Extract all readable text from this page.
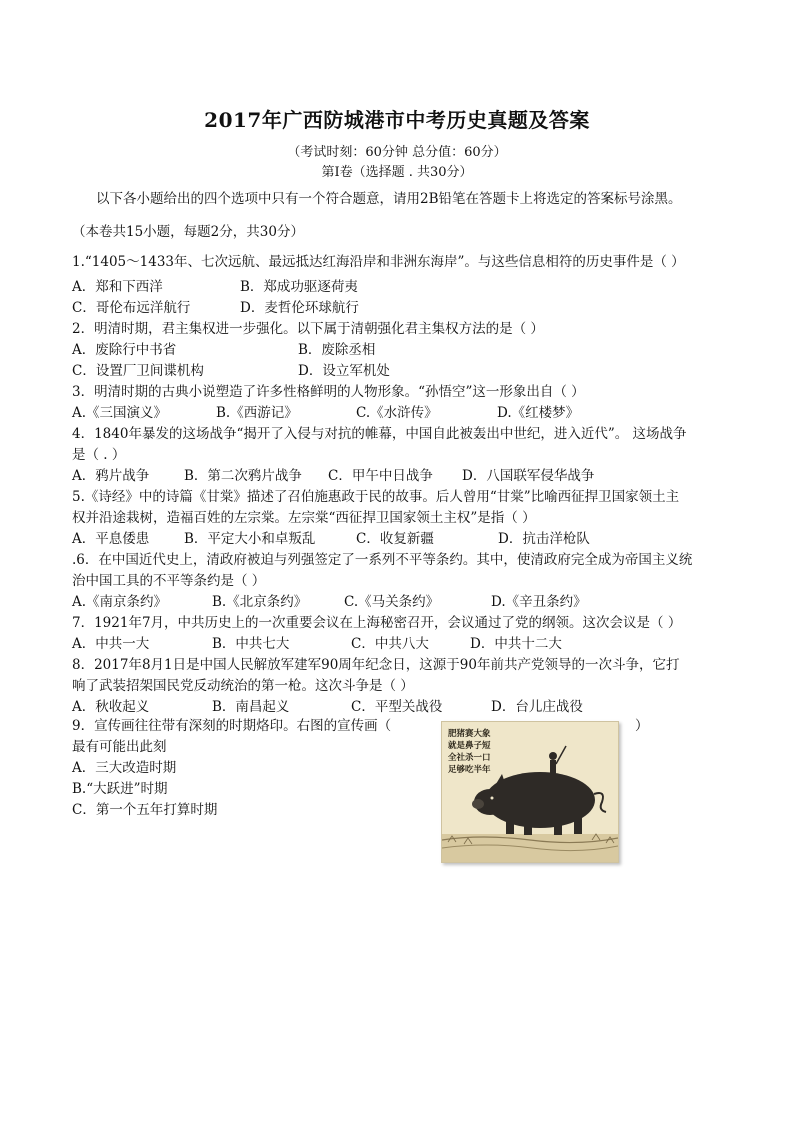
2017年广西防城港市中考历史真题及答案
（考试时刻：60分钟 总分值：60分）
第Ⅰ卷（选择题 . 共30分）
以下各小题给出的四个选项中只有一个符合题意，请用2B铅笔在答题卡上将选定的答案标号涂黑。
（本卷共15小题，每题2分，共30分）
1.“1405～1433年、七次远航、最远抵达红海沿岸和非洲东海岸”。与这些信息相符的历史事件是（ ）
A．郑和下西洋	B．郑成功驱逐荷夷
C．哥伦布远洋航行	D．麦哲伦环球航行
2．明清时期，君主集权进一步强化。以下属于清朝强化君主集权方法的是（ ）
A．废除行中书省	B．废除丞相
C．设置厂卫间谍机构	D．设立军机处
3．明清时期的古典小说塑造了许多性格鲜明的人物形象。“孙悟空”这一形象出自（ ）
A.《三国演义》	B.《西游记》	C.《水浒传》	D.《红楼梦》
4．1840年暴发的这场战争“揭开了入侵与对抗的帷幕，中国自此被轰出中世纪，进入近代”。 这场战争
是（ . ）
A．鸦片战争	B．第二次鸦片战争 C．甲午中日战争 D．八国联军侵华战争
5.《诗经》中的诗篇《甘棠》描述了召伯施惠政于民的故事。后人曾用“甘棠”比喻西征捍卫国家领土主
权并沿途栽树，造福百姓的左宗棠。左宗棠“西征捍卫国家领土主权”是指（ ）
A．平息倭患	B．平定大小和卓叛乱	C．收复新疆	D．抗击洋枪队
.6．在中国近代史上，清政府被迫与列强签定了一系列不平等条约。其中，使清政府完全成为帝国主义统
治中国工具的不平等条约是（ ）
A.《南京条约》	B.《北京条约》	C.《马关条约》	D.《辛丑条约》
7．1921年7月，中共历史上的一次重要会议在上海秘密召开，会议通过了党的纲领。这次会议是（ ）
A．中共一大	B．中共七大	C．中共八大	D．中共十二大
8．2017年8月1日是中国人民解放军建军90周年纪念日，这源于90年前共产党领导的一次斗争，它打
响了武装招架国民党反动统治的第一枪。这次斗争是（ ）
A．秋收起义	B．南昌起义	C．平型关战役	D．台儿庄战役
9．宣传画往往带有深刻的时期烙印。右图的宣传画（	）
最有可能出此刻
A．三大改造时期
B.“大跃进”时期
C．第一个五年打算时期
肥猪赛大象
就是鼻子短
全社杀一口
足够吃半年
